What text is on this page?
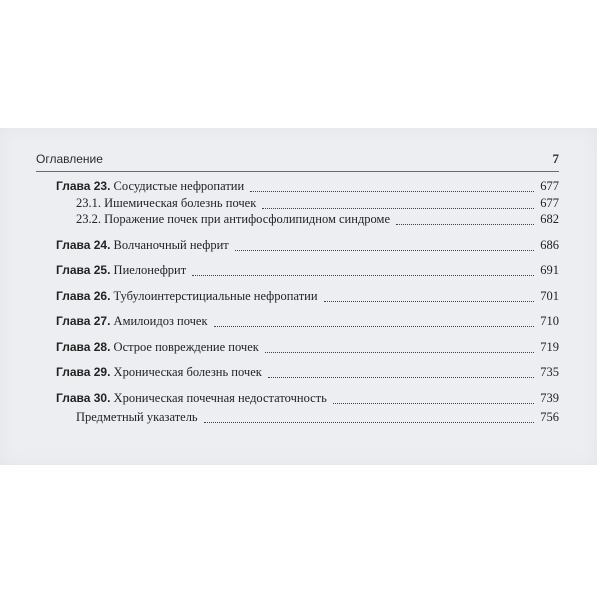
Оглавление	7
Глава 23. Сосудистые нефропатии	677
23.1. Ишемическая болезнь почек	677
23.2. Поражение почек при антифосфолипидном синдроме	682
Глава 24. Волчаночный нефрит	686
Глава 25. Пиелонефрит	691
Глава 26. Тубулоинтерстициальные нефропатии	701
Глава 27. Амилоидоз почек	710
Глава 28. Острое повреждение почек	719
Глава 29. Хроническая болезнь почек	735
Глава 30. Хроническая почечная недостаточность	739
Предметный указатель	756
